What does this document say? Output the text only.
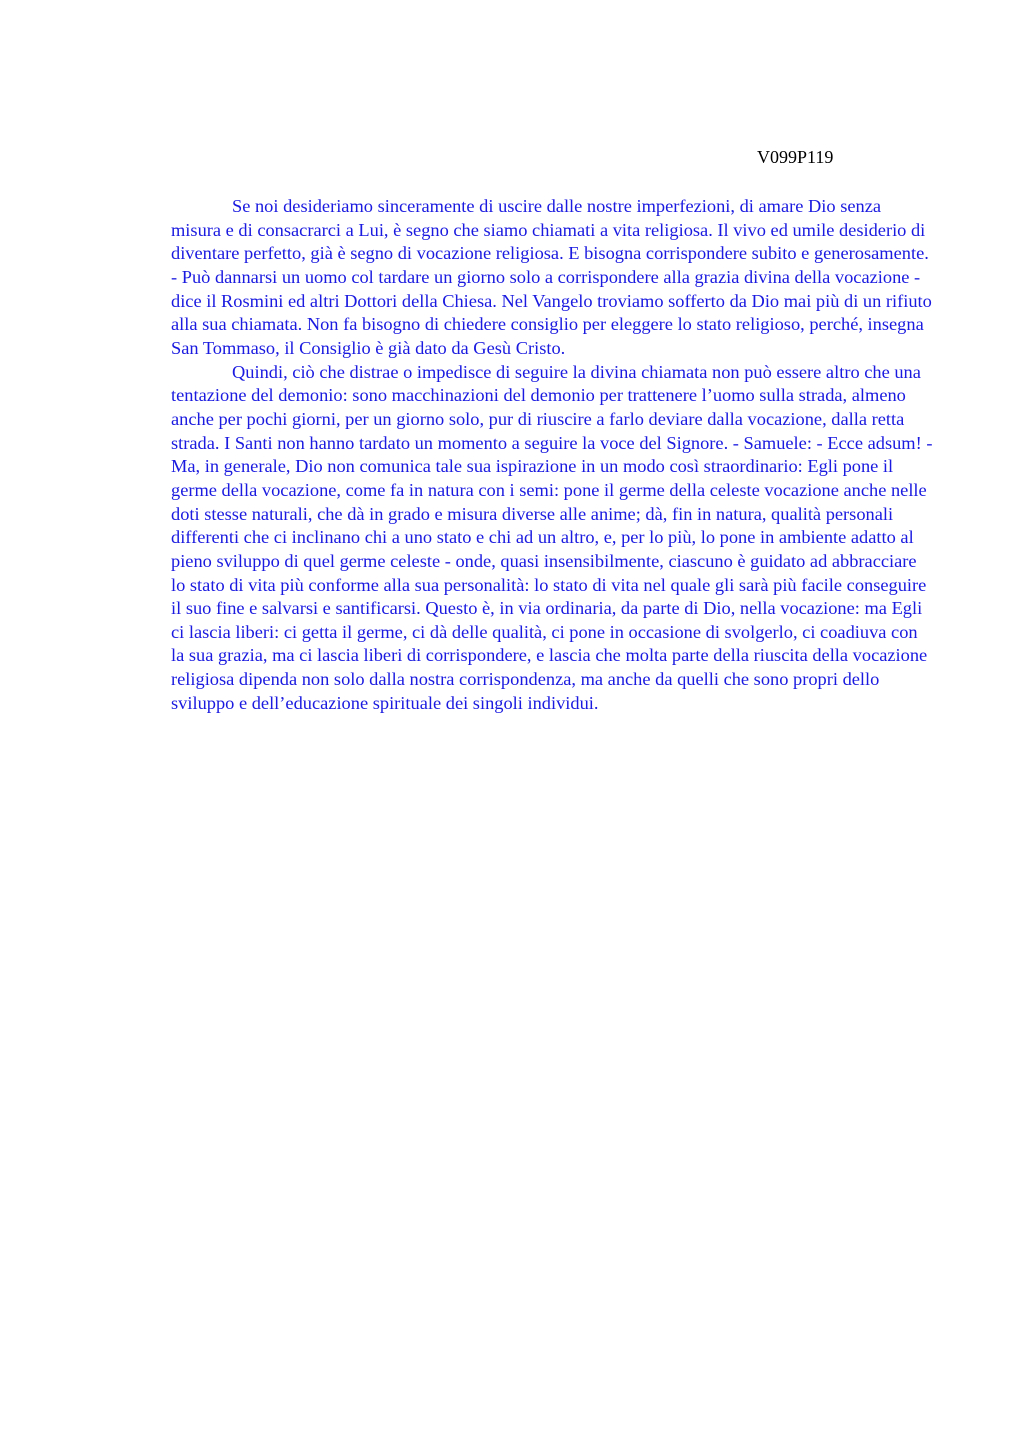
V099P119

Se noi desideriamo sinceramente di uscire dalle nostre imperfezioni, di amare Dio senza misura e di consacrarci a Lui, è segno che siamo chiamati a vita religiosa. Il vivo ed umile desiderio di diventare perfetto, già è segno di vocazione religiosa. E bisogna corrispondere subito e generosamente. - Può dannarsi un uomo col tardare un giorno solo a corrispondere alla grazia divina della vocazione - dice il Rosmini ed altri Dottori della Chiesa. Nel Vangelo troviamo sofferto da Dio mai più di un rifiuto alla sua chiamata. Non fa bisogno di chiedere consiglio per eleggere lo stato religioso, perché, insegna San Tommaso, il Consiglio è già dato da Gesù Cristo.

Quindi, ciò che distrae o impedisce di seguire la divina chiamata non può essere altro che una tentazione del demonio: sono macchinazioni del demonio per trattenere l’uomo sulla strada, almeno anche per pochi giorni, per un giorno solo, pur di riuscire a farlo deviare dalla vocazione, dalla retta strada. I Santi non hanno tardato un momento a seguire la voce del Signore. - Samuele: - Ecce adsum! - Ma, in generale, Dio non comunica tale sua ispirazione in un modo così straordinario: Egli pone il germe della vocazione, come fa in natura con i semi: pone il germe della celeste vocazione anche nelle doti stesse naturali, che dà in grado e misura diverse alle anime; dà, fin in natura, qualità personali differenti che ci inclinano chi a uno stato e chi ad un altro, e, per lo più, lo pone in ambiente adatto al pieno sviluppo di quel germe celeste - onde, quasi insensibilmente, ciascuno è guidato ad abbracciare lo stato di vita più conforme alla sua personalità: lo stato di vita nel quale gli sarà più facile conseguire il suo fine e salvarsi e santificarsi. Questo è, in via ordinaria, da parte di Dio, nella vocazione: ma Egli ci lascia liberi: ci getta il germe, ci dà delle qualità, ci pone in occasione di svolgerlo, ci coadiuva con la sua grazia, ma ci lascia liberi di corrispondere, e lascia che molta parte della riuscita della vocazione religiosa dipenda non solo dalla nostra corrispondenza, ma anche da quelli che sono propri dello sviluppo e dell’educazione spirituale dei singoli individui.
